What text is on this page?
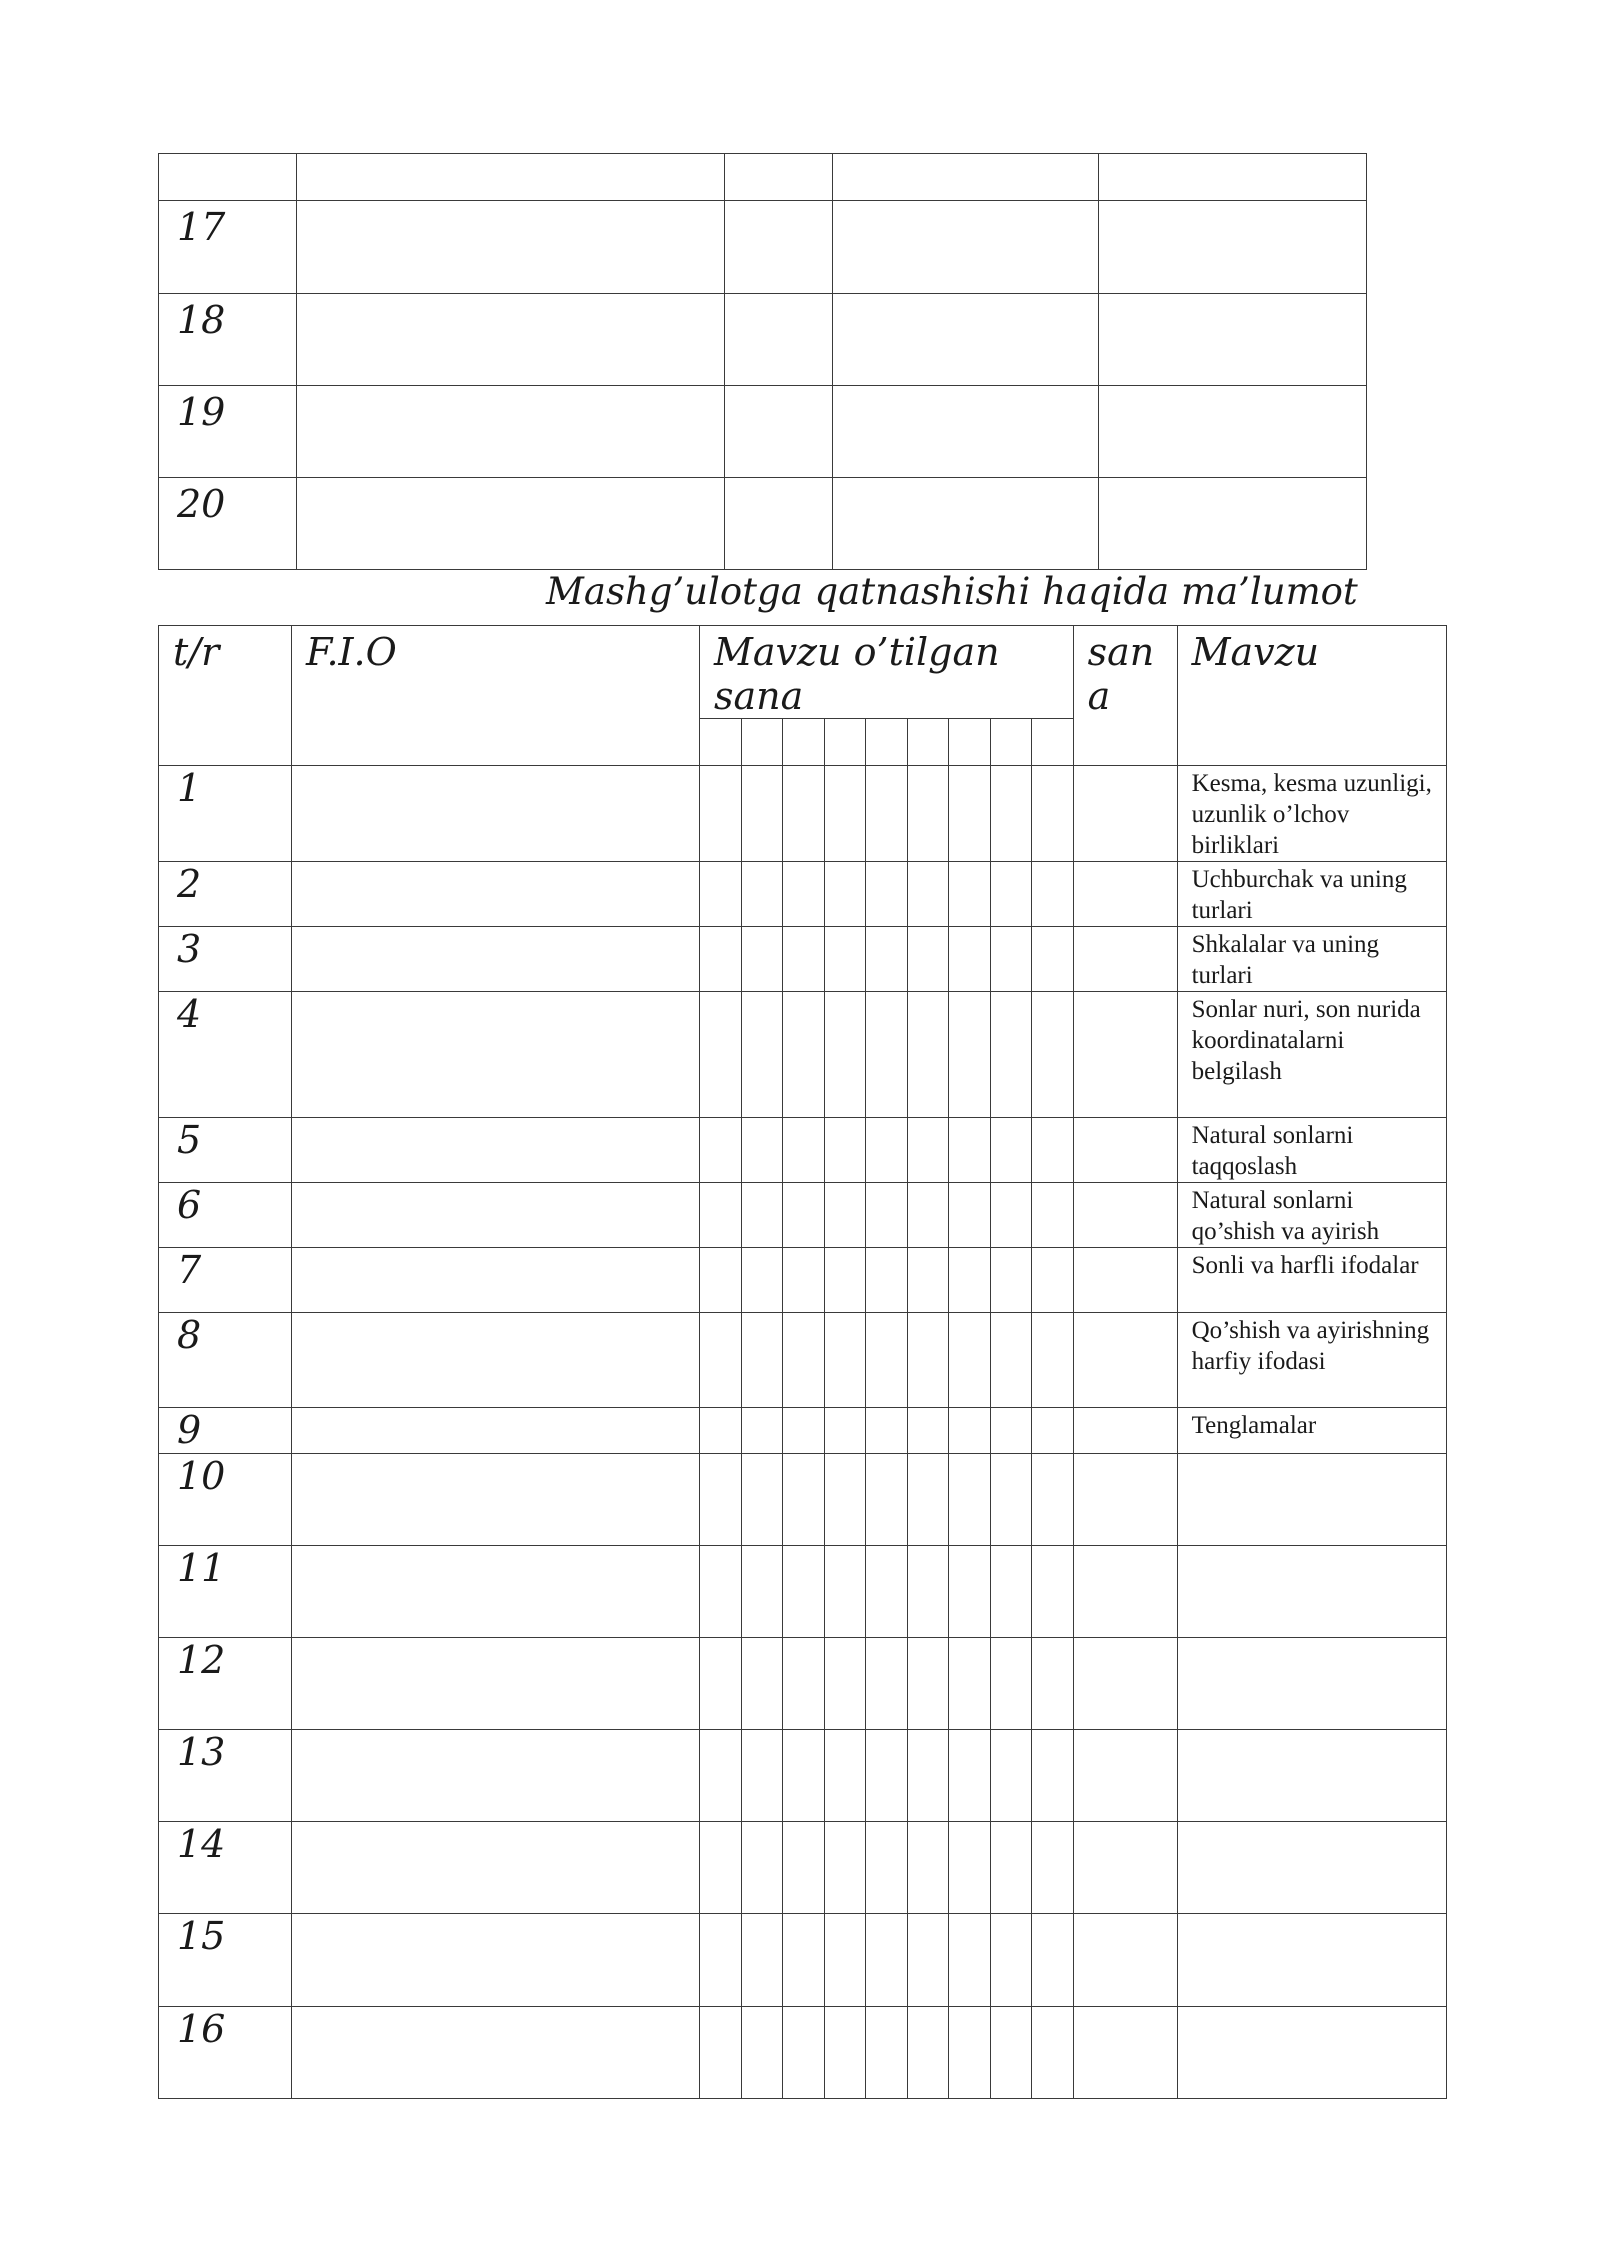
17				
18				
19				
20				
Mashg’ulotga qatnashishi haqida ma’lumot
t/r	F.I.O	Mavzu o’tilgan sana									san a	Mavzu

1												Kesma, kesma uzunligi, uzunlik o’lchov birliklari
2												Uchburchak va uning turlari
3												Shkalalar va uning turlari
4												Sonlar nuri, son nurida koordinatalarni belgilash
5												Natural sonlarni taqqoslash
6												Natural sonlarni qo’shish va ayirish
7												Sonli va harfli ifodalar
8												Qo’shish va ayirishning harfiy ifodasi
9												Tenglamalar
10												
11												
12												
13												
14												
15												
16												
